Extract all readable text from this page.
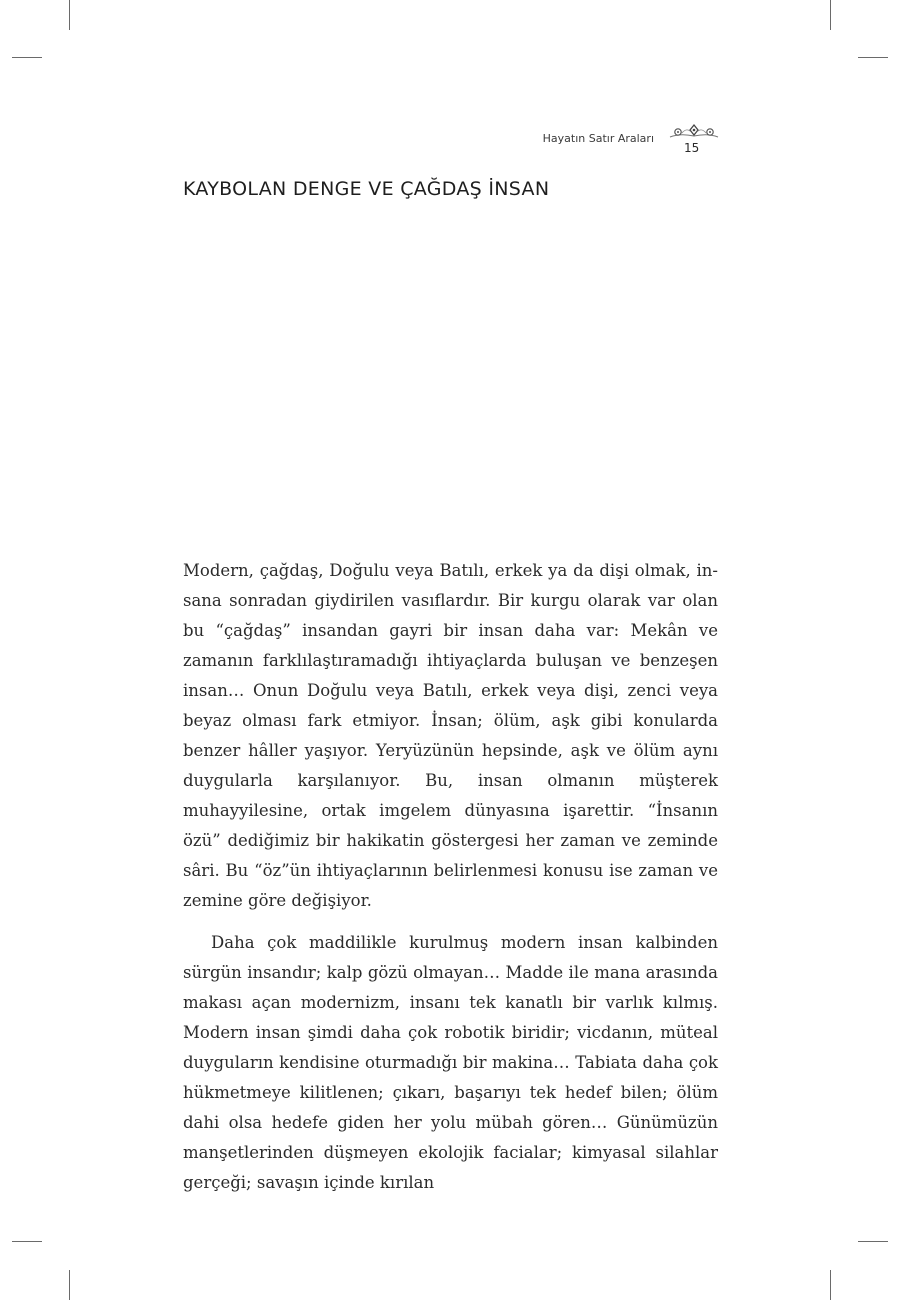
Hayatın Satır Araları
15
KAYBOLAN DENGE VE ÇAĞDAŞ İNSAN

Modern, çağdaş, Doğulu veya Batılı, erkek ya da dişi olmak, insana sonradan giydirilen vasıflardır. Bir kurgu olarak var olan bu “çağdaş” insandan gayri bir insan daha var: Mekân ve zamanın farklılaştıramadığı ihtiyaçlarda buluşan ve benzeşen insan… Onun Doğulu veya Batılı, erkek veya dişi, zenci veya beyaz olması fark etmiyor. İnsan; ölüm, aşk gibi konularda benzer hâller yaşıyor. Yeryüzünün hepsinde, aşk ve ölüm aynı duygularla karşılanıyor. Bu, insan olmanın müşterek muhayyilesine, ortak imgelem dünyasına işarettir. “İnsanın özü” dediğimiz bir hakikatin göstergesi her zaman ve zeminde sâri. Bu “öz”ün ihtiyaçlarının belirlenmesi konusu ise zaman ve zemine göre değişiyor.

Daha çok maddilikle kurulmuş modern insan kalbinden sürgün insandır; kalp gözü olmayan… Madde ile mana arasında makası açan modernizm, insanı tek kanatlı bir varlık kılmış. Modern insan şimdi daha çok robotik biridir; vicdanın, müteal duyguların kendisine oturmadığı bir makina… Tabiata daha çok hükmetmeye kilitlenen; çıkarı, başarıyı tek hedef bilen; ölüm dahi olsa hedefe giden her yolu mübah gören… Günümüzün manşetlerinden düşmeyen ekolojik facialar; kimyasal silahlar gerçeği; savaşın içinde kırılan
